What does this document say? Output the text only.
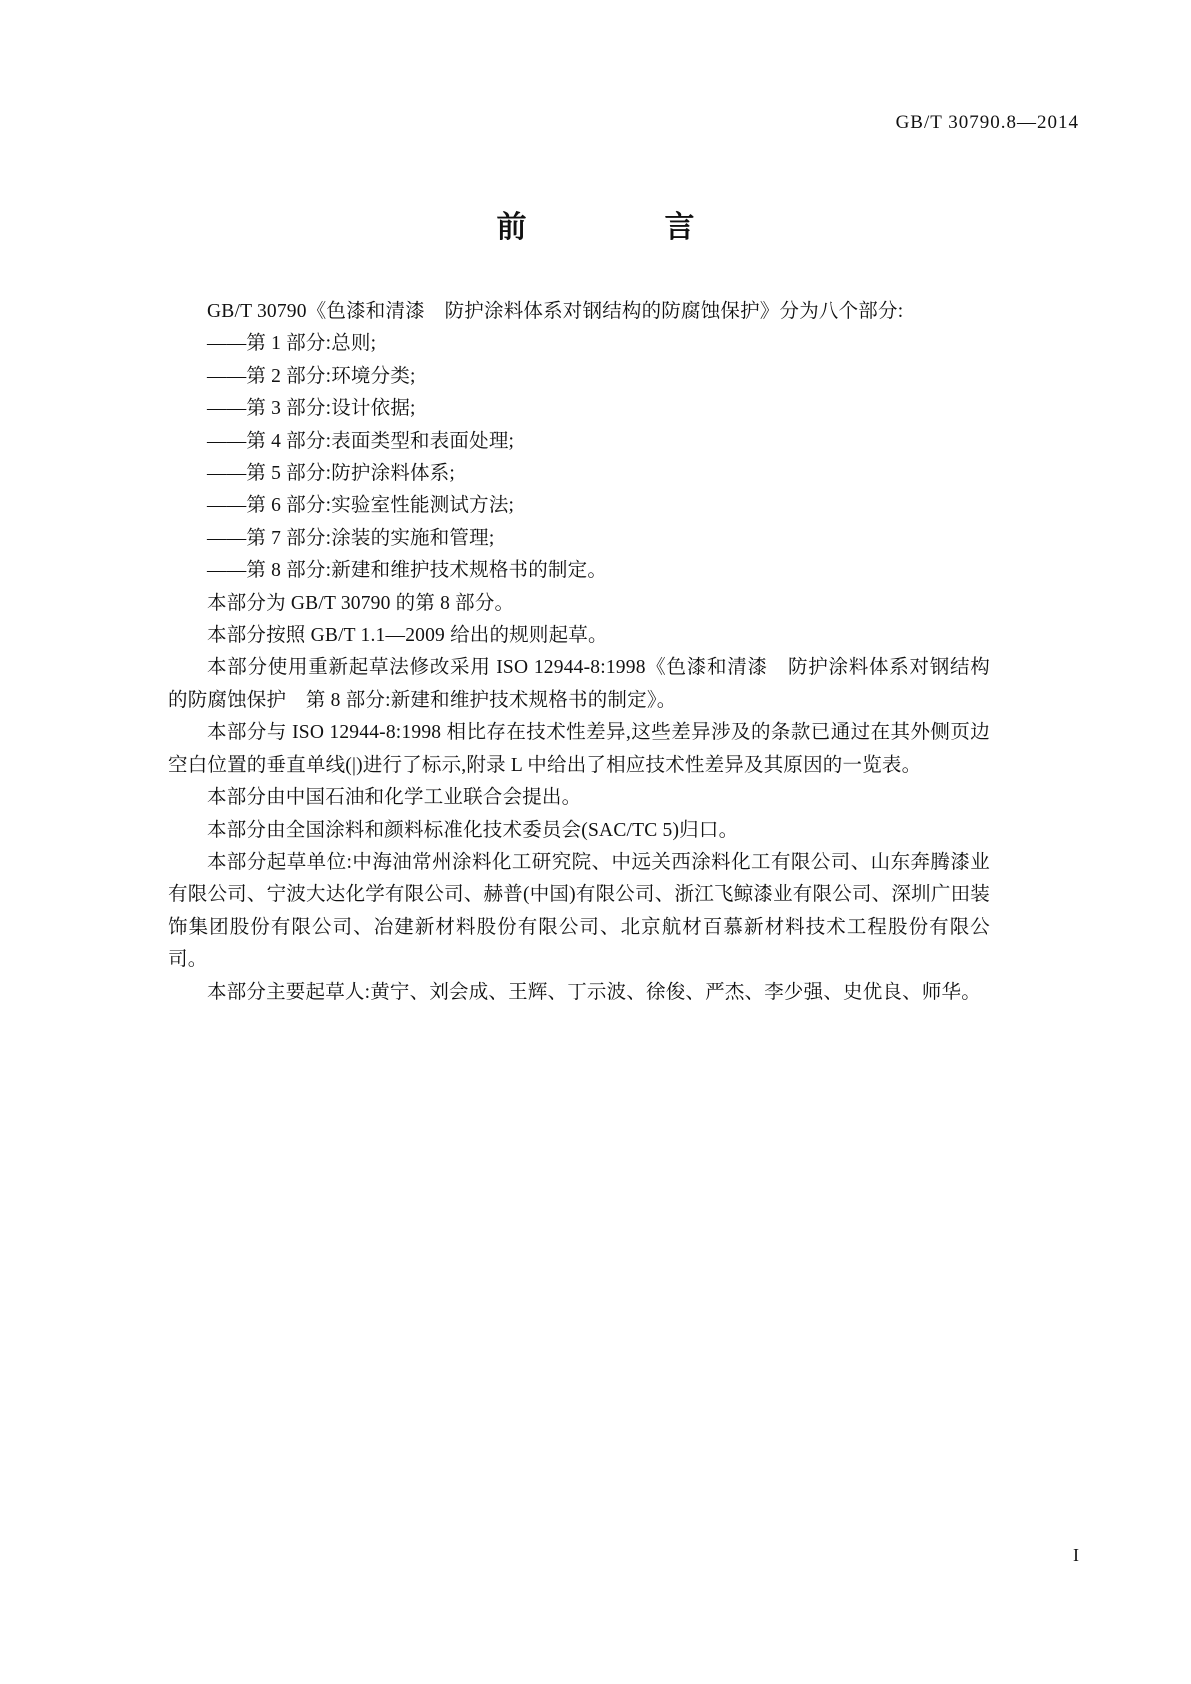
GB/T 30790.8—2014
前　　言

GB/T 30790《色漆和清漆　防护涂料体系对钢结构的防腐蚀保护》分为八个部分:

——第 1 部分:总则;

——第 2 部分:环境分类;

——第 3 部分:设计依据;

——第 4 部分:表面类型和表面处理;

——第 5 部分:防护涂料体系;

——第 6 部分:实验室性能测试方法;

——第 7 部分:涂装的实施和管理;

——第 8 部分:新建和维护技术规格书的制定。

本部分为 GB/T 30790 的第 8 部分。

本部分按照 GB/T 1.1—2009 给出的规则起草。

本部分使用重新起草法修改采用 ISO 12944-8:1998《色漆和清漆　防护涂料体系对钢结构的防腐蚀保护　第 8 部分:新建和维护技术规格书的制定》。

本部分与 ISO 12944-8:1998 相比存在技术性差异,这些差异涉及的条款已通过在其外侧页边空白位置的垂直单线(|)进行了标示,附录 L 中给出了相应技术性差异及其原因的一览表。

本部分由中国石油和化学工业联合会提出。

本部分由全国涂料和颜料标准化技术委员会(SAC/TC 5)归口。

本部分起草单位:中海油常州涂料化工研究院、中远关西涂料化工有限公司、山东奔腾漆业有限公司、宁波大达化学有限公司、赫普(中国)有限公司、浙江飞鲸漆业有限公司、深圳广田装饰集团股份有限公司、冶建新材料股份有限公司、北京航材百慕新材料技术工程股份有限公司。

本部分主要起草人:黄宁、刘会成、王辉、丁示波、徐俊、严杰、李少强、史优良、师华。

I
